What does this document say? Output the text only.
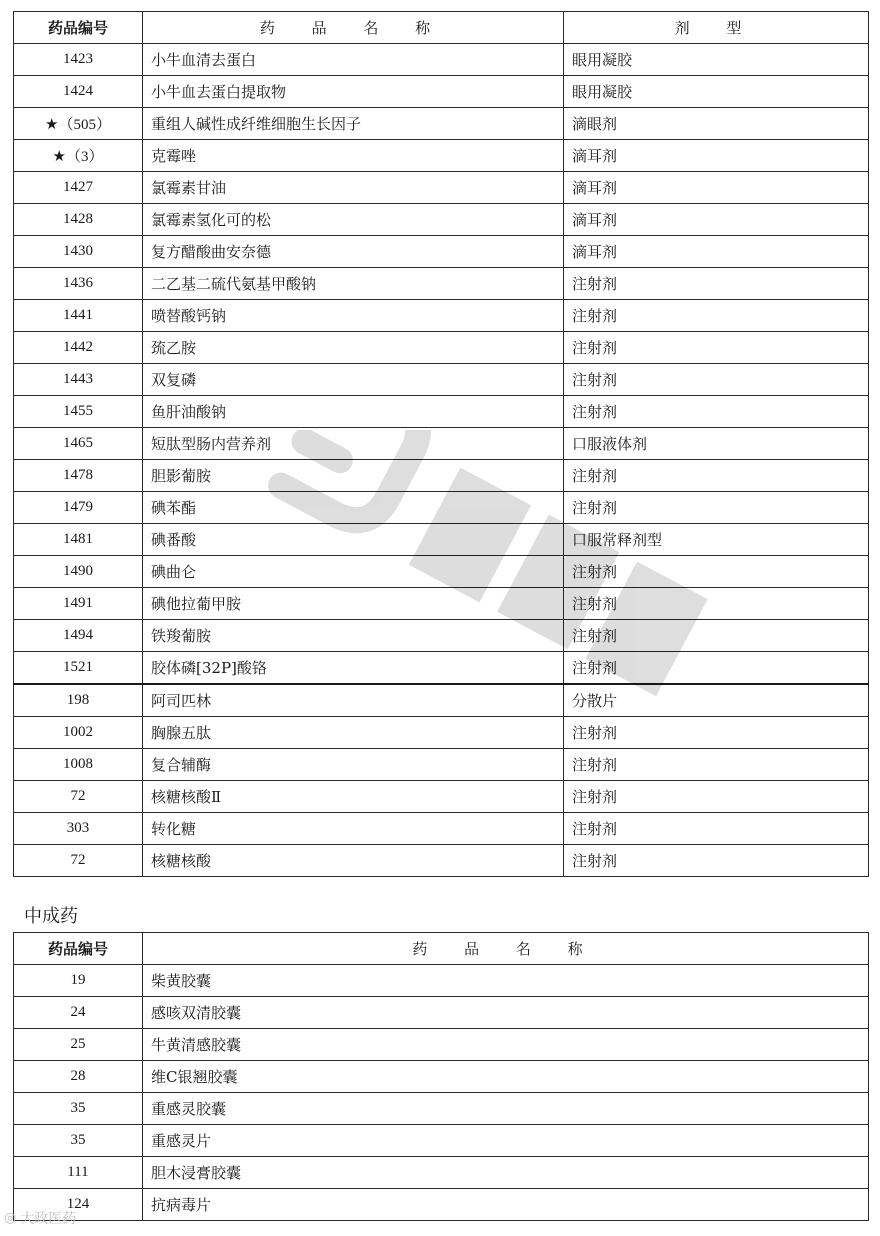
药品编号	药 品 名 称	剂 型
1423	小牛血清去蛋白	眼用凝胶
1424	小牛血去蛋白提取物	眼用凝胶
★（505）	重组人碱性成纤维细胞生长因子	滴眼剂
★（3）	克霉唑	滴耳剂
1427	氯霉素甘油	滴耳剂
1428	氯霉素氢化可的松	滴耳剂
1430	复方醋酸曲安奈德	滴耳剂
1436	二乙基二硫代氨基甲酸钠	注射剂
1441	喷替酸钙钠	注射剂
1442	巯乙胺	注射剂
1443	双复磷	注射剂
1455	鱼肝油酸钠	注射剂
1465	短肽型肠内营养剂	口服液体剂
1478	胆影葡胺	注射剂
1479	碘苯酯	注射剂
1481	碘番酸	口服常释剂型
1490	碘曲仑	注射剂
1491	碘他拉葡甲胺	注射剂
1494	铁羧葡胺	注射剂
1521	胶体磷[32P]酸铬	注射剂
198	阿司匹林	分散片
1002	胸腺五肽	注射剂
1008	复合辅酶	注射剂
72	核糖核酸Ⅱ	注射剂
303	转化糖	注射剂
72	核糖核酸	注射剂
中成药
药品编号	药 品 名 称
19	柴黄胶囊
24	感咳双清胶囊
25	牛黄清感胶囊
28	维C银翘胶囊
35	重感灵胶囊
35	重感灵片
111	胆木浸膏胶囊
124	抗病毒片
◎ 大政医药
